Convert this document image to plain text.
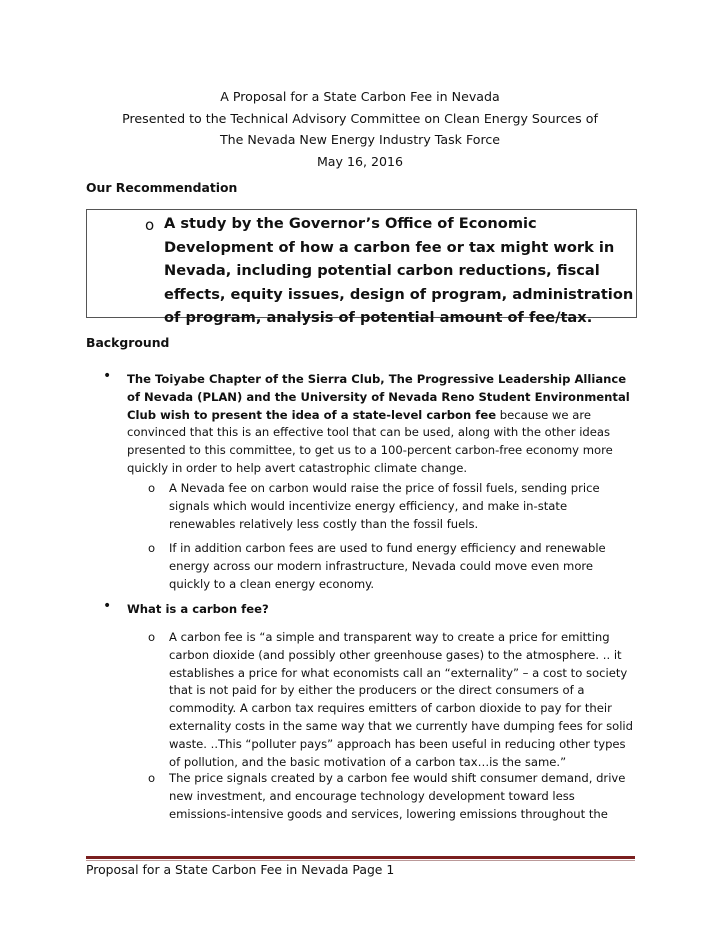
A Proposal for a State Carbon Fee in Nevada
Presented to the Technical Advisory Committee on Clean Energy Sources of
The Nevada New Energy Industry Task Force
May 16, 2016
Our Recommendation
o A study by the Governor’s Office of Economic Development of how a carbon fee or tax might work in Nevada, including potential carbon reductions, fiscal effects, equity issues, design of program, administration of program, analysis of potential amount of fee/tax.
Background
• The Toiyabe Chapter of the Sierra Club, The Progressive Leadership Alliance of Nevada (PLAN) and the University of Nevada Reno Student Environmental Club wish to present the idea of a state-level carbon fee because we are convinced that this is an effective tool that can be used, along with the other ideas presented to this committee, to get us to a 100-percent carbon-free economy more quickly in order to help avert catastrophic climate change.
o A Nevada fee on carbon would raise the price of fossil fuels, sending price signals which would incentivize energy efficiency, and make in-state renewables relatively less costly than the fossil fuels.
o If in addition carbon fees are used to fund energy efficiency and renewable energy across our modern infrastructure, Nevada could move even more quickly to a clean energy economy.
• What is a carbon fee?
o A carbon fee is “a simple and transparent way to create a price for emitting carbon dioxide (and possibly other greenhouse gases) to the atmosphere. .. it establishes a price for what economists call an “externality” – a cost to society that is not paid for by either the producers or the direct consumers of a commodity. A carbon tax requires emitters of carbon dioxide to pay for their externality costs in the same way that we currently have dumping fees for solid waste. ..This “polluter pays” approach has been useful in reducing other types of pollution, and the basic motivation of a carbon tax…is the same.”
o The price signals created by a carbon fee would shift consumer demand, drive new investment, and encourage technology development toward less emissions-intensive goods and services, lowering emissions throughout the
Proposal for a State Carbon Fee in Nevada Page 1
